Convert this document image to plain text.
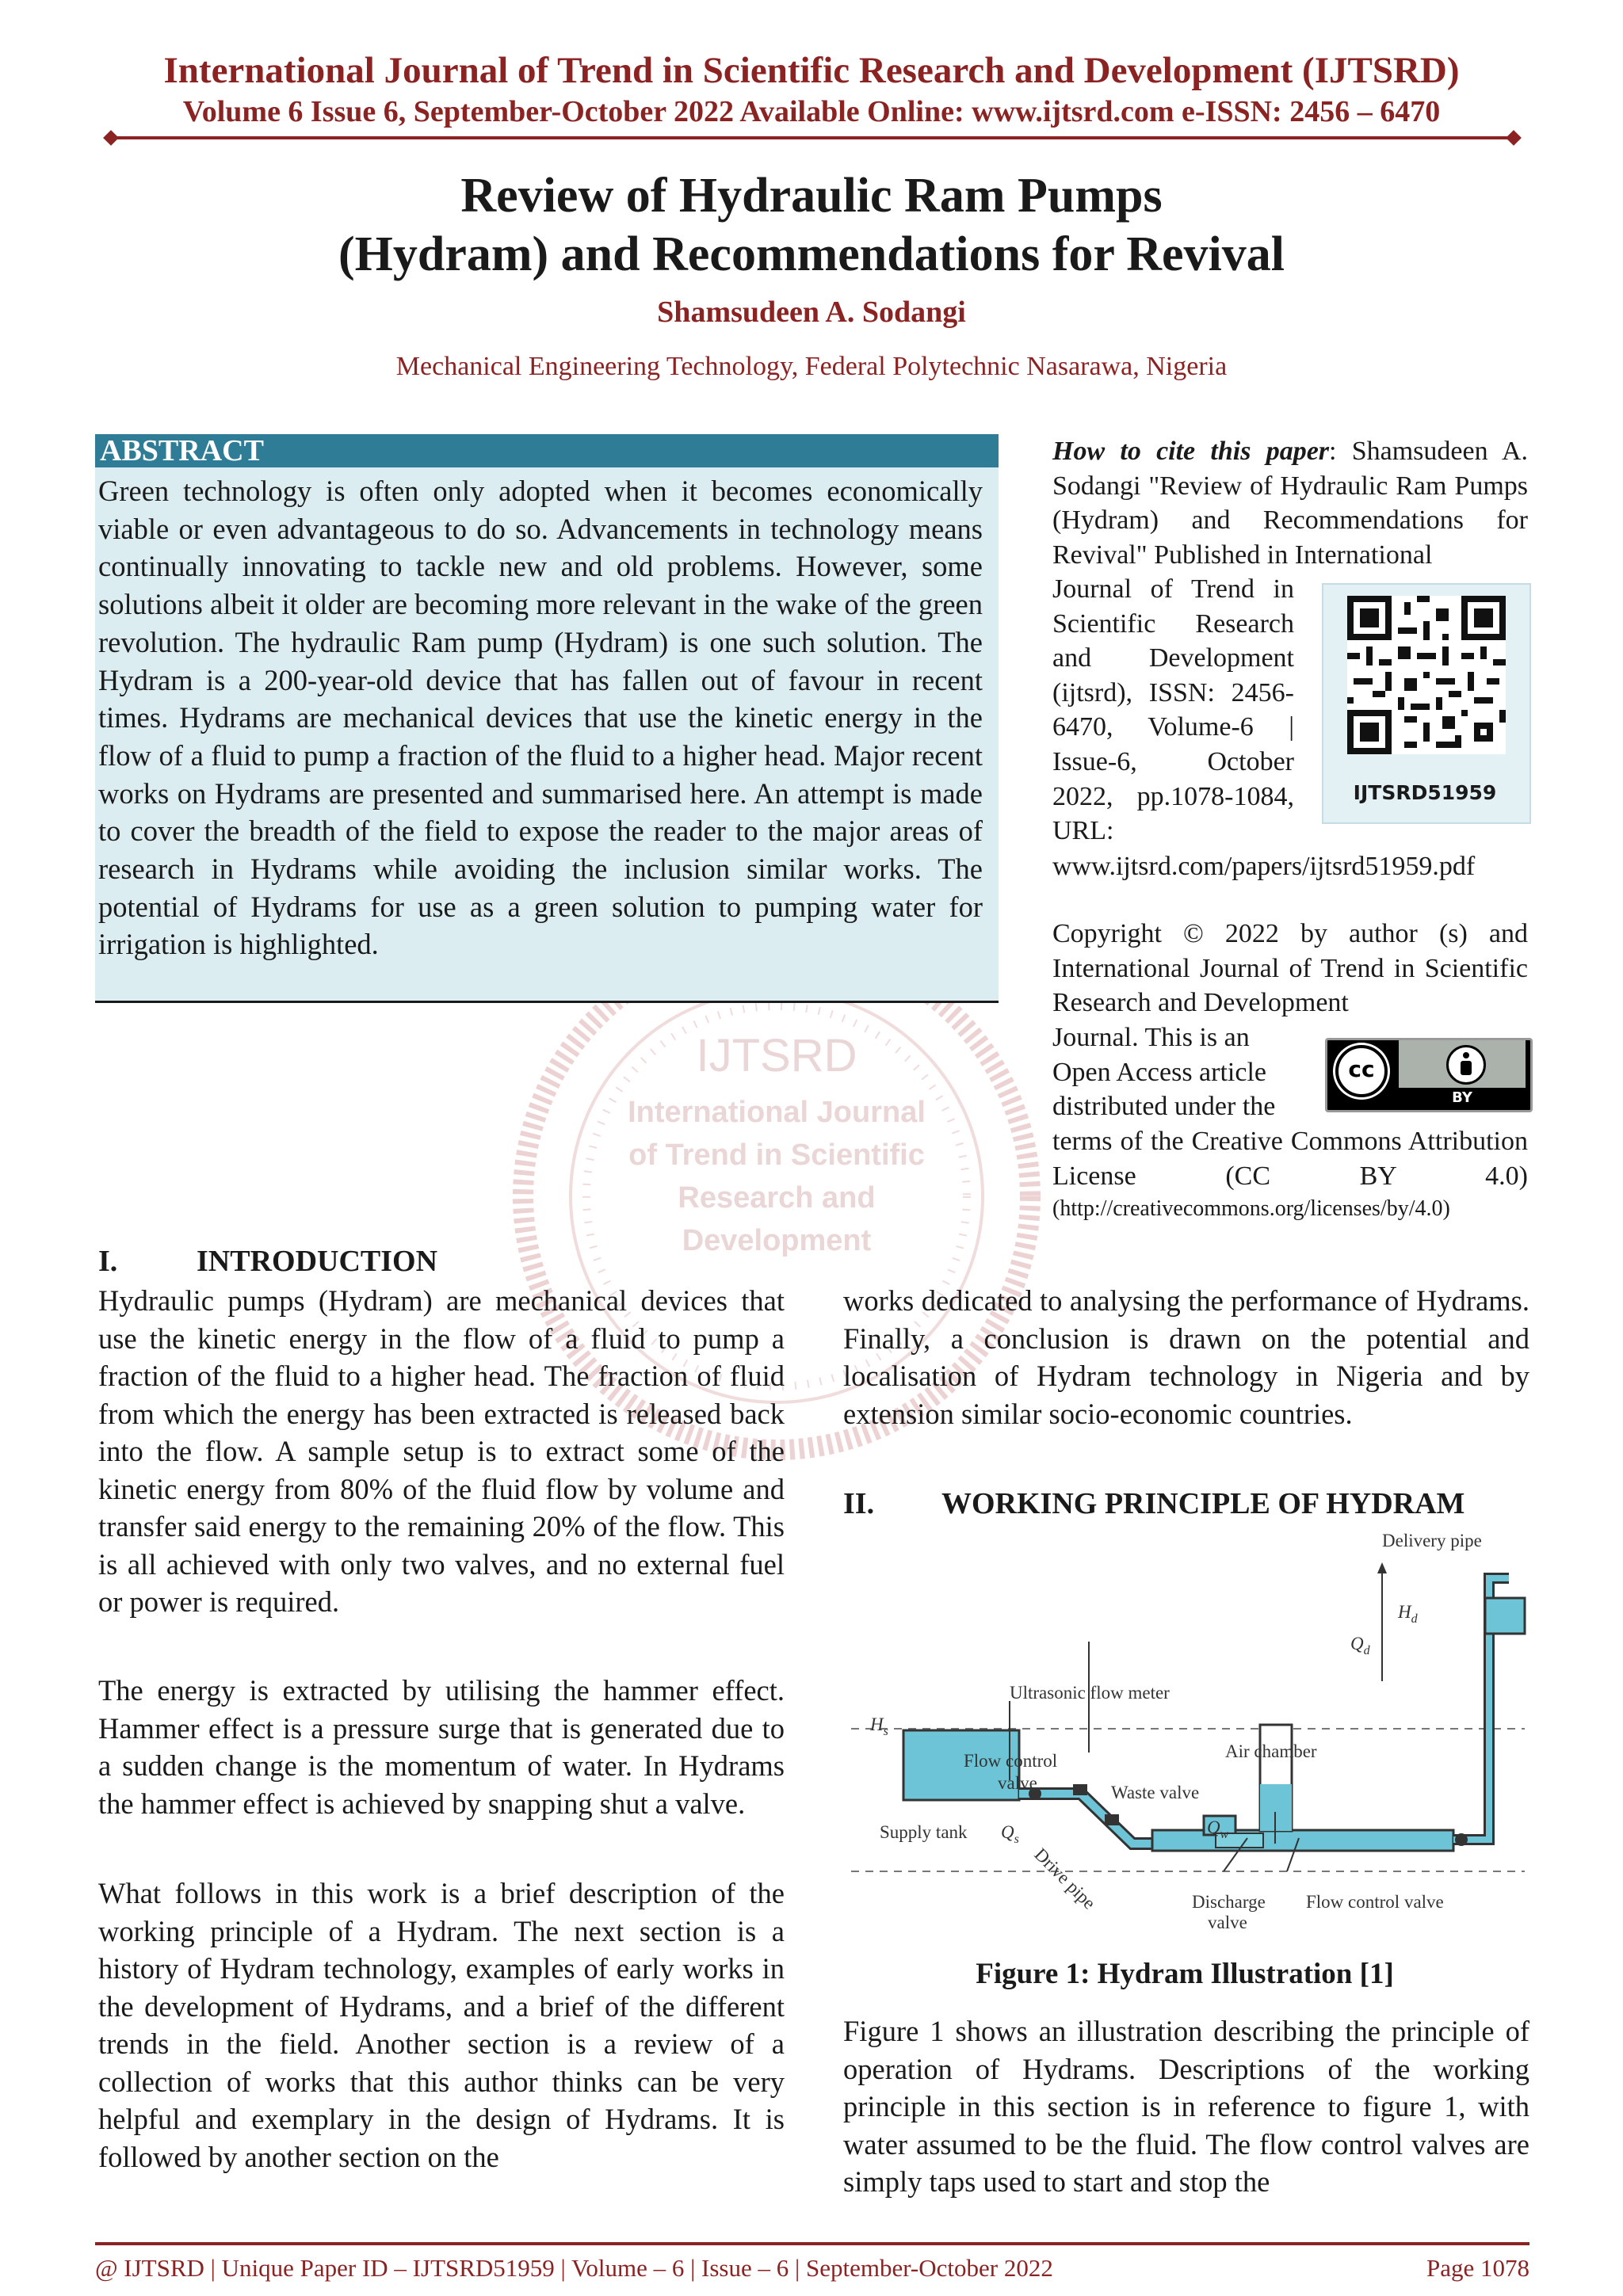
International Journal of Trend in Scientific Research and Development (IJTSRD)
Volume 6 Issue 6, September-October 2022 Available Online: www.ijtsrd.com e-ISSN: 2456 – 6470
IJTSRD
International Journal
of Trend in Scientific
Research and
Development
Review of Hydraulic Ram Pumps
(Hydram) and Recommendations for Revival
Shamsudeen A. Sodangi
Mechanical Engineering Technology, Federal Polytechnic Nasarawa, Nigeria
ABSTRACT
Green technology is often only adopted when it becomes economically viable or even advantageous to do so. Advancements in technology means continually innovating to tackle new and old problems. However, some solutions albeit it older are becoming more relevant in the wake of the green revolution. The hydraulic Ram pump (Hydram) is one such solution. The Hydram is a 200-year-old device that has fallen out of favour in recent times. Hydrams are mechanical devices that use the kinetic energy in the flow of a fluid to pump a fraction of the fluid to a higher head. Major recent works on Hydrams are presented and summarised here. An attempt is made to cover the breadth of the field to expose the reader to the major areas of research in Hydrams while avoiding the inclusion similar works. The potential of Hydrams for use as a green solution to pumping water for irrigation is highlighted.
How to cite this paper: Shamsudeen A. Sodangi "Review of Hydraulic Ram Pumps (Hydram) and Recommendations for Revival" Published in International
Journal of Trend in Scientific Research and Development (ijtsrd), ISSN: 2456-6470, Volume-6 | Issue-6, October 2022, pp.1078-1084, URL:
IJTSRD51959
www.ijtsrd.com/papers/ijtsrd51959.pdf
Copyright © 2022 by author (s) and International Journal of Trend in Scientific Research and Development
Journal. This is an Open Access article distributed under the
cc
BY
terms of the Creative Commons Attribution License (CC BY 4.0)
(http://creativecommons.org/licenses/by/4.0)
I.	INTRODUCTION
Hydraulic pumps (Hydram) are mechanical devices that use the kinetic energy in the flow of a fluid to pump a fraction of the fluid to a higher head. The fraction of fluid from which the energy has been extracted is released back into the flow. A sample setup is to extract some of the kinetic energy from 80% of the fluid flow by volume and transfer said energy to the remaining 20% of the flow. This is all achieved with only two valves, and no external fuel or power is required.
The energy is extracted by utilising the hammer effect. Hammer effect is a pressure surge that is generated due to a sudden change is the momentum of water. In Hydrams the hammer effect is achieved by snapping shut a valve.
What follows in this work is a brief description of the working principle of a Hydram. The next section is a history of Hydram technology, examples of early works in the development of Hydrams, and a brief of the different trends in the field. Another section is a review of a collection of works that this author thinks can be very helpful and exemplary in the design of Hydrams. It is followed by another section on the
works dedicated to analysing the performance of Hydrams. Finally, a conclusion is drawn on the potential and localisation of Hydram technology in Nigeria and by extension similar socio-economic countries.
II. WORKING PRINCIPLE OF HYDRAM
Delivery pipe
$H_d$
$Q_d$
Ultrasonic flow meter
$H_s$
Flow control
valve
Air chamber
Waste valve
Supply tank $Q_s$
$Q_w$
Drive pipe	Discharge
valve
Flow control valve
Figure 1: Hydram Illustration [1]
Figure 1 shows an illustration describing the principle of operation of Hydrams. Descriptions of the working principle in this section is in reference to figure 1, with water assumed to be the fluid. The flow control valves are simply taps used to start and stop the
@ IJTSRD | Unique Paper ID – IJTSRD51959 | Volume – 6 | Issue – 6 | September-October 2022	Page 1078
